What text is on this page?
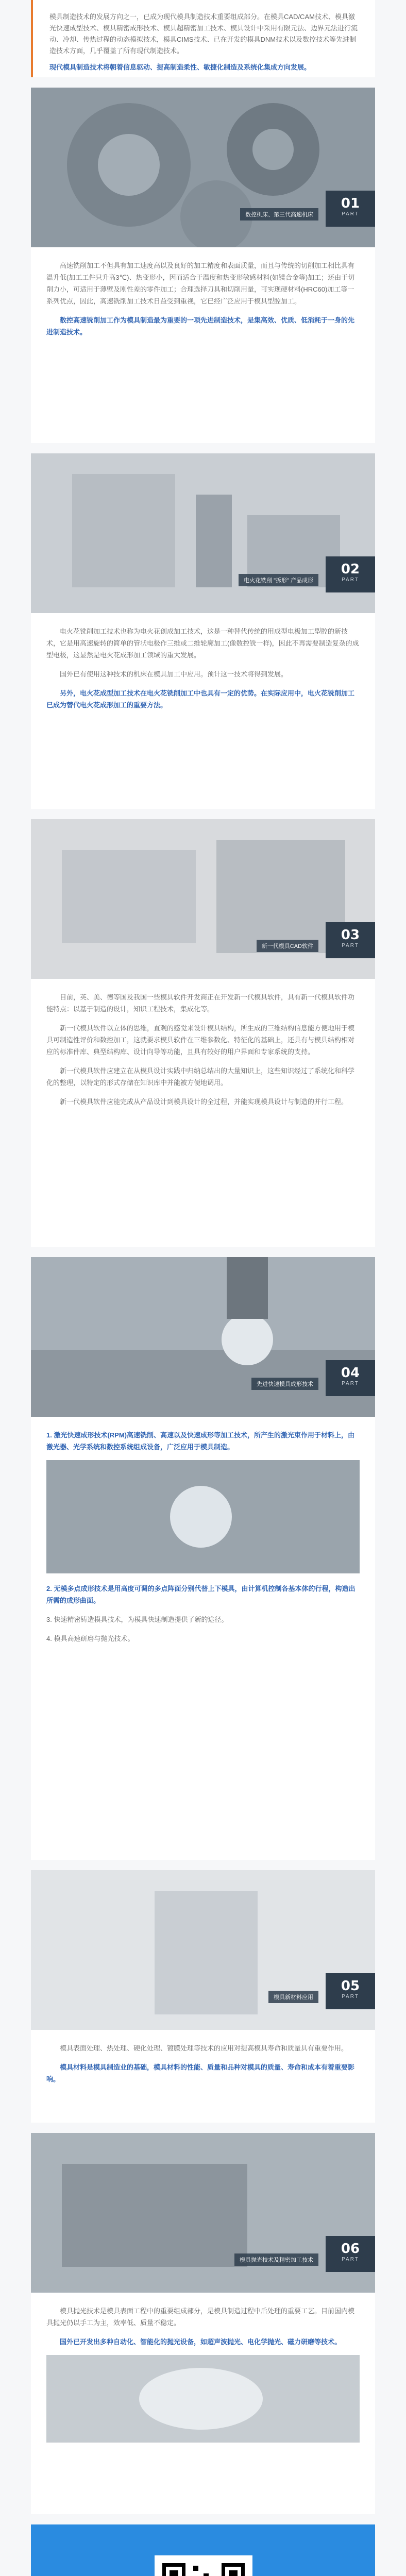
模具制造技术的发展方向之一，已成为现代模具制造技术重要组成部分。在模具CAD/CAM技术、模具激光快速成型技术、模具精密成形技术、模具超精密加工技术、模具设计中采用有限元法、边界元法进行流动、冷却、传热过程的动态模拟技术，模具CIMS技术、已在开发的模具DNM技术以及数控技术等先进制造技术方面，几乎覆盖了所有现代制造技术。

现代模具制造技术将朝着信息驱动、提高制造柔性、敏捷化制造及系统化集成方向发展。

数控机床、第三代高速机床
01
PART

高速铣削加工不但具有加工速度高以及良好的加工精度和表面质量，而且与传统的切削加工相比具有温升低(加工工件只升高3℃)、热变形小，因而适合于温度和热变形敏感材料(如镁合金等)加工；还由于切削力小，可适用于薄壁及刚性差的零件加工；合理选择刀具和切削用量，可实现硬材料(HRC60)加工等一系列优点，因此，高速铣削加工技术日益受到重视，它已经广泛应用于模具型腔加工。

数控高速铣削加工作为模具制造最为重要的一项先进制造技术，是集高效、优质、低消耗于一身的先进制造技术。

电火花铣削 "拆形" 产品成形
02
PART

电火花铣削加工技术也称为电火花创成加工技术，这是一种替代传统的用成型电极加工型腔的新技术，它是用高速旋转的简单的管状电极作三维或二维轮廓加工(像数控铣一样)，因此不再需要制造复杂的成型电极，这显然是电火花成形加工领域的重大发展。

国外已有使用这种技术的机床在模具加工中应用。预计这一技术将得到发展。

另外，电火花成型加工技术在电火花铣削加工中也具有一定的优势。在实际应用中，电火花铣削加工已成为替代电火花成形加工的重要方法。

新一代模具CAD软件
03
PART

目前，英、美、德等国及我国一些模具软件开发商正在开发新一代模具软件，具有新一代模具软件功能特点：以基于制造的设计，知识工程技术，集成化等。

新一代模具软件以立体的思维，直观的感觉来设计模具结构，所生成的三维结构信息能方便地用于模具可制造性评价和数控加工，这就要求模具软件在三维参数化、特征化的基础上，还具有与模具结构相对应的标准件库、典型结构库、设计向导等功能，且具有较好的用户界面和专家系统的支持。

新一代模具软件应建立在从模具设计实践中归纳总结出的大量知识上，这些知识经过了系统化和科学化的整理，以特定的形式存储在知识库中并能被方便地调用。

新一代模具软件应能完成从产品设计到模具设计的全过程，并能实现模具设计与制造的并行工程。

先进快速模具成形技术
04
PART

1. 激光快速成形技术(RPM)高速铣削、高速以及快速成形等加工技术，所产生的激光束作用于材料上，由激光器、光学系统和数控系统组成设备，广泛应用于模具制造。

2. 无模多点成形技术是用高度可调的多点阵面分别代替上下模具，由计算机控制各基本体的行程，构造出所需的成形曲面。

3. 快速精密铸造模具技术，为模具快速制造提供了新的途径。

4. 模具高速研磨与抛光技术。

模具新材料应用
05
PART

模具表面处理、热处理、硬化处理、镀膜处理等技术的应用对提高模具寿命和质量具有重要作用。

模具材料是模具制造业的基础，模具材料的性能、质量和品种对模具的质量、寿命和成本有着重要影响。

模具抛光技术及精密加工技术
06
PART

模具抛光技术是模具表面工程中的重要组成部分，是模具制造过程中后处理的重要工艺。目前国内模具抛光仍以手工为主，效率低、质量不稳定。

国外已开发出多种自动化、智能化的抛光设备，如超声波抛光、电化学抛光、磁力研磨等技术。
